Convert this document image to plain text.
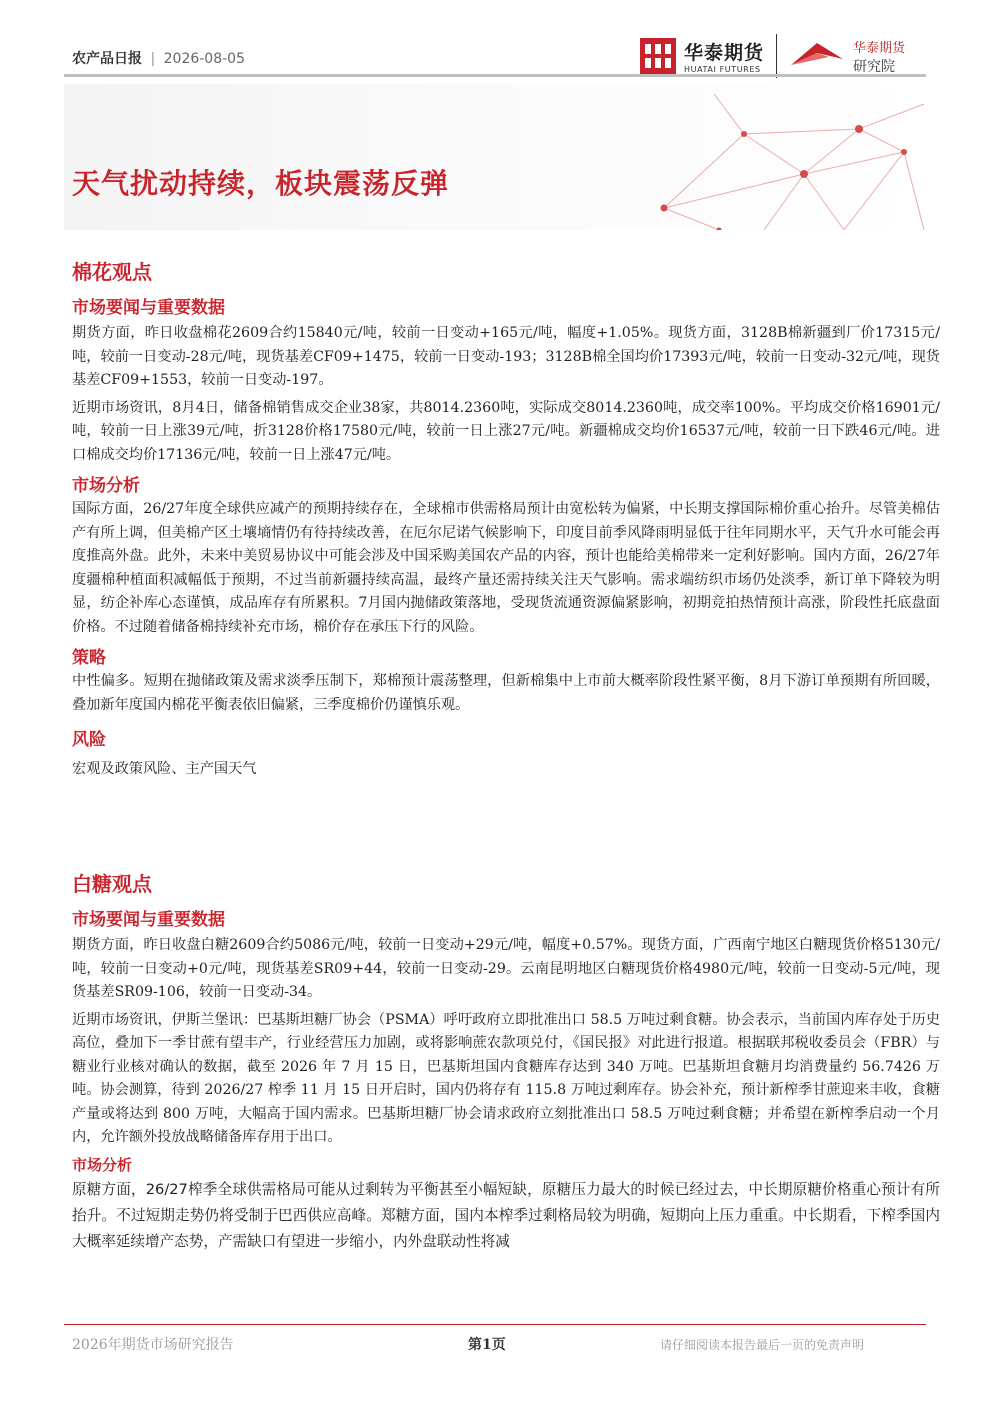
农产品日报 | 2026-08-05	华泰期货
HUATAI FUTURES
华泰期货
研究院
天气扰动持续，板块震荡反弹
棉花观点
市场要闻与重要数据

期货方面，昨日收盘棉花2609合约15840元/吨，较前一日变动+165元/吨，幅度+1.05%。现货方面，3128B棉新疆到厂价17315元/吨，较前一日变动-28元/吨，现货基差CF09+1475，较前一日变动-193；3128B棉全国均价17393元/吨，较前一日变动-32元/吨，现货基差CF09+1553，较前一日变动-197。

近期市场资讯，8月4日，储备棉销售成交企业38家，共8014.2360吨，实际成交8014.2360吨，成交率100%。平均成交价格16901元/吨，较前一日上涨39元/吨，折3128价格17580元/吨，较前一日上涨27元/吨。新疆棉成交均价16537元/吨，较前一日下跌46元/吨。进口棉成交均价17136元/吨，较前一日上涨47元/吨。

市场分析

国际方面，26/27年度全球供应减产的预期持续存在，全球棉市供需格局预计由宽松转为偏紧，中长期支撑国际棉价重心抬升。尽管美棉估产有所上调，但美棉产区土壤墒情仍有待持续改善，在厄尔尼诺气候影响下，印度目前季风降雨明显低于往年同期水平，天气升水可能会再度推高外盘。此外，未来中美贸易协议中可能会涉及中国采购美国农产品的内容，预计也能给美棉带来一定利好影响。国内方面，26/27年度疆棉种植面积减幅低于预期，不过当前新疆持续高温，最终产量还需持续关注天气影响。需求端纺织市场仍处淡季，新订单下降较为明显，纺企补库心态谨慎，成品库存有所累积。7月国内抛储政策落地，受现货流通资源偏紧影响，初期竞拍热情预计高涨，阶段性托底盘面价格。不过随着储备棉持续补充市场，棉价存在承压下行的风险。

策略

中性偏多。短期在抛储政策及需求淡季压制下，郑棉预计震荡整理，但新棉集中上市前大概率阶段性紧平衡，8月下游订单预期有所回暖，叠加新年度国内棉花平衡表依旧偏紧，三季度棉价仍谨慎乐观。

风险

宏观及政策风险、主产国天气

白糖观点
市场要闻与重要数据

期货方面，昨日收盘白糖2609合约5086元/吨，较前一日变动+29元/吨，幅度+0.57%。现货方面，广西南宁地区白糖现货价格5130元/吨，较前一日变动+0元/吨，现货基差SR09+44，较前一日变动-29。云南昆明地区白糖现货价格4980元/吨，较前一日变动-5元/吨，现货基差SR09-106，较前一日变动-34。

近期市场资讯，伊斯兰堡讯：巴基斯坦糖厂协会（PSMA）呼吁政府立即批准出口 58.5 万吨过剩食糖。协会表示，当前国内库存处于历史高位，叠加下一季甘蔗有望丰产，行业经营压力加剧，或将影响蔗农款项兑付，《国民报》对此进行报道。根据联邦税收委员会（FBR）与糖业行业核对确认的数据，截至 2026 年 7 月 15 日，巴基斯坦国内食糖库存达到 340 万吨。巴基斯坦食糖月均消费量约 56.7426 万吨。协会测算，待到 2026/27 榨季 11 月 15 日开启时，国内仍将存有 115.8 万吨过剩库存。协会补充，预计新榨季甘蔗迎来丰收，食糖产量或将达到 800 万吨，大幅高于国内需求。巴基斯坦糖厂协会请求政府立刻批准出口 58.5 万吨过剩食糖；并希望在新榨季启动一个月内，允许额外投放战略储备库存用于出口。

市场分析

原糖方面，26/27榨季全球供需格局可能从过剩转为平衡甚至小幅短缺，原糖压力最大的时候已经过去，中长期原糖价格重心预计有所抬升。不过短期走势仍将受制于巴西供应高峰。郑糖方面，国内本榨季过剩格局较为明确，短期向上压力重重。中长期看，下榨季国内大概率延续增产态势，产需缺口有望进一步缩小，内外盘联动性将减

2026年期货市场研究报告	第1页	请仔细阅读本报告最后一页的免责声明
